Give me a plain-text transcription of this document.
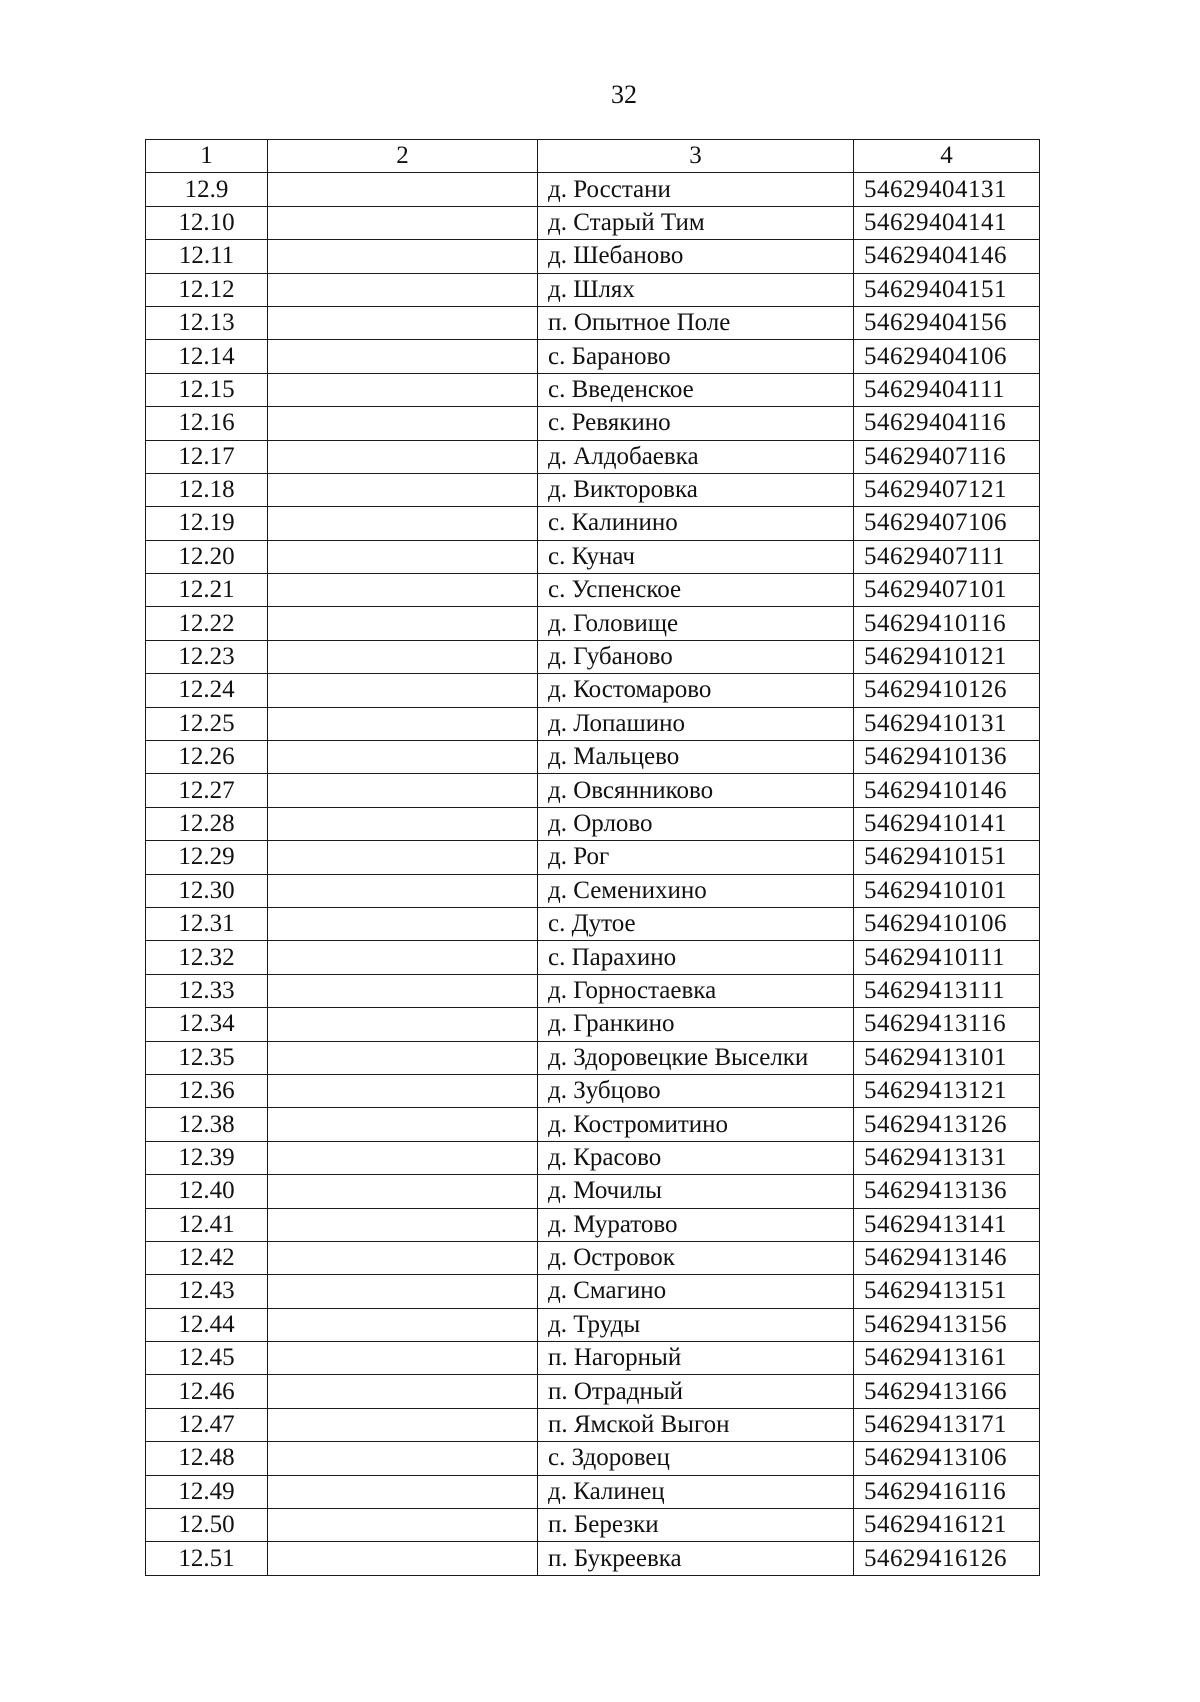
32
1	2	3	4
12.9		д. Росстани	54629404131
12.10		д. Старый Тим	54629404141
12.11		д. Шебаново	54629404146
12.12		д. Шлях	54629404151
12.13		п. Опытное Поле	54629404156
12.14		с. Бараново	54629404106
12.15		с. Введенское	54629404111
12.16		с. Ревякино	54629404116
12.17		д. Алдобаевка	54629407116
12.18		д. Викторовка	54629407121
12.19		с. Калинино	54629407106
12.20		с. Кунач	54629407111
12.21		с. Успенское	54629407101
12.22		д. Головище	54629410116
12.23		д. Губаново	54629410121
12.24		д. Костомарово	54629410126
12.25		д. Лопашино	54629410131
12.26		д. Мальцево	54629410136
12.27		д. Овсянниково	54629410146
12.28		д. Орлово	54629410141
12.29		д. Рог	54629410151
12.30		д. Семенихино	54629410101
12.31		с. Дутое	54629410106
12.32		с. Парахино	54629410111
12.33		д. Горностаевка	54629413111
12.34		д. Гранкино	54629413116
12.35		д. Здоровецкие Выселки	54629413101
12.36		д. Зубцово	54629413121
12.38		д. Костромитино	54629413126
12.39		д. Красово	54629413131
12.40		д. Мочилы	54629413136
12.41		д. Муратово	54629413141
12.42		д. Островок	54629413146
12.43		д. Смагино	54629413151
12.44		д. Труды	54629413156
12.45		п. Нагорный	54629413161
12.46		п. Отрадный	54629413166
12.47		п. Ямской Выгон	54629413171
12.48		с. Здоровец	54629413106
12.49		д. Калинец	54629416116
12.50		п. Березки	54629416121
12.51		п. Букреевка	54629416126
